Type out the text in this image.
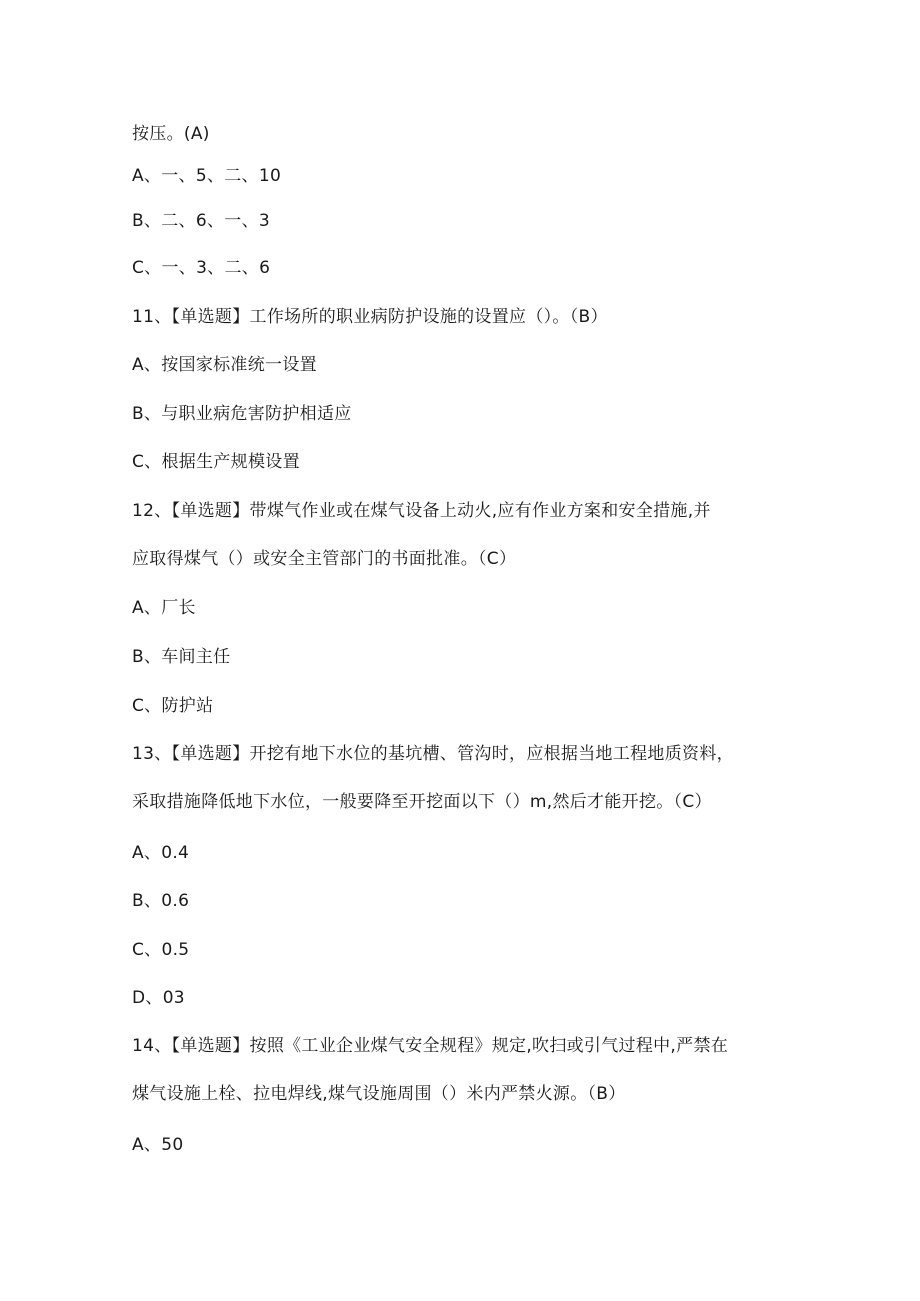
按压。(A)
A、一、5、二、10
B、二、6、一、3
C、一、3、二、6
11、【单选题】工作场所的职业病防护设施的设置应（）。（B）
A、按国家标准统一设置
B、与职业病危害防护相适应
C、根据生产规模设置
12、【单选题】带煤气作业或在煤气设备上动火,应有作业方案和安全措施,并
应取得煤气（）或安全主管部门的书面批准。（C）
A、厂长
B、车间主任
C、防护站
13、【单选题】开挖有地下水位的基坑槽、管沟时，应根据当地工程地质资料，
采取措施降低地下水位，一般要降至开挖面以下（）m,然后才能开挖。（C）
A、0.4
B、0.6
C、0.5
D、03
14、【单选题】按照《工业企业煤气安全规程》规定,吹扫或引气过程中,严禁在
煤气设施上栓、拉电焊线,煤气设施周围（）米内严禁火源。（B）
A、50
